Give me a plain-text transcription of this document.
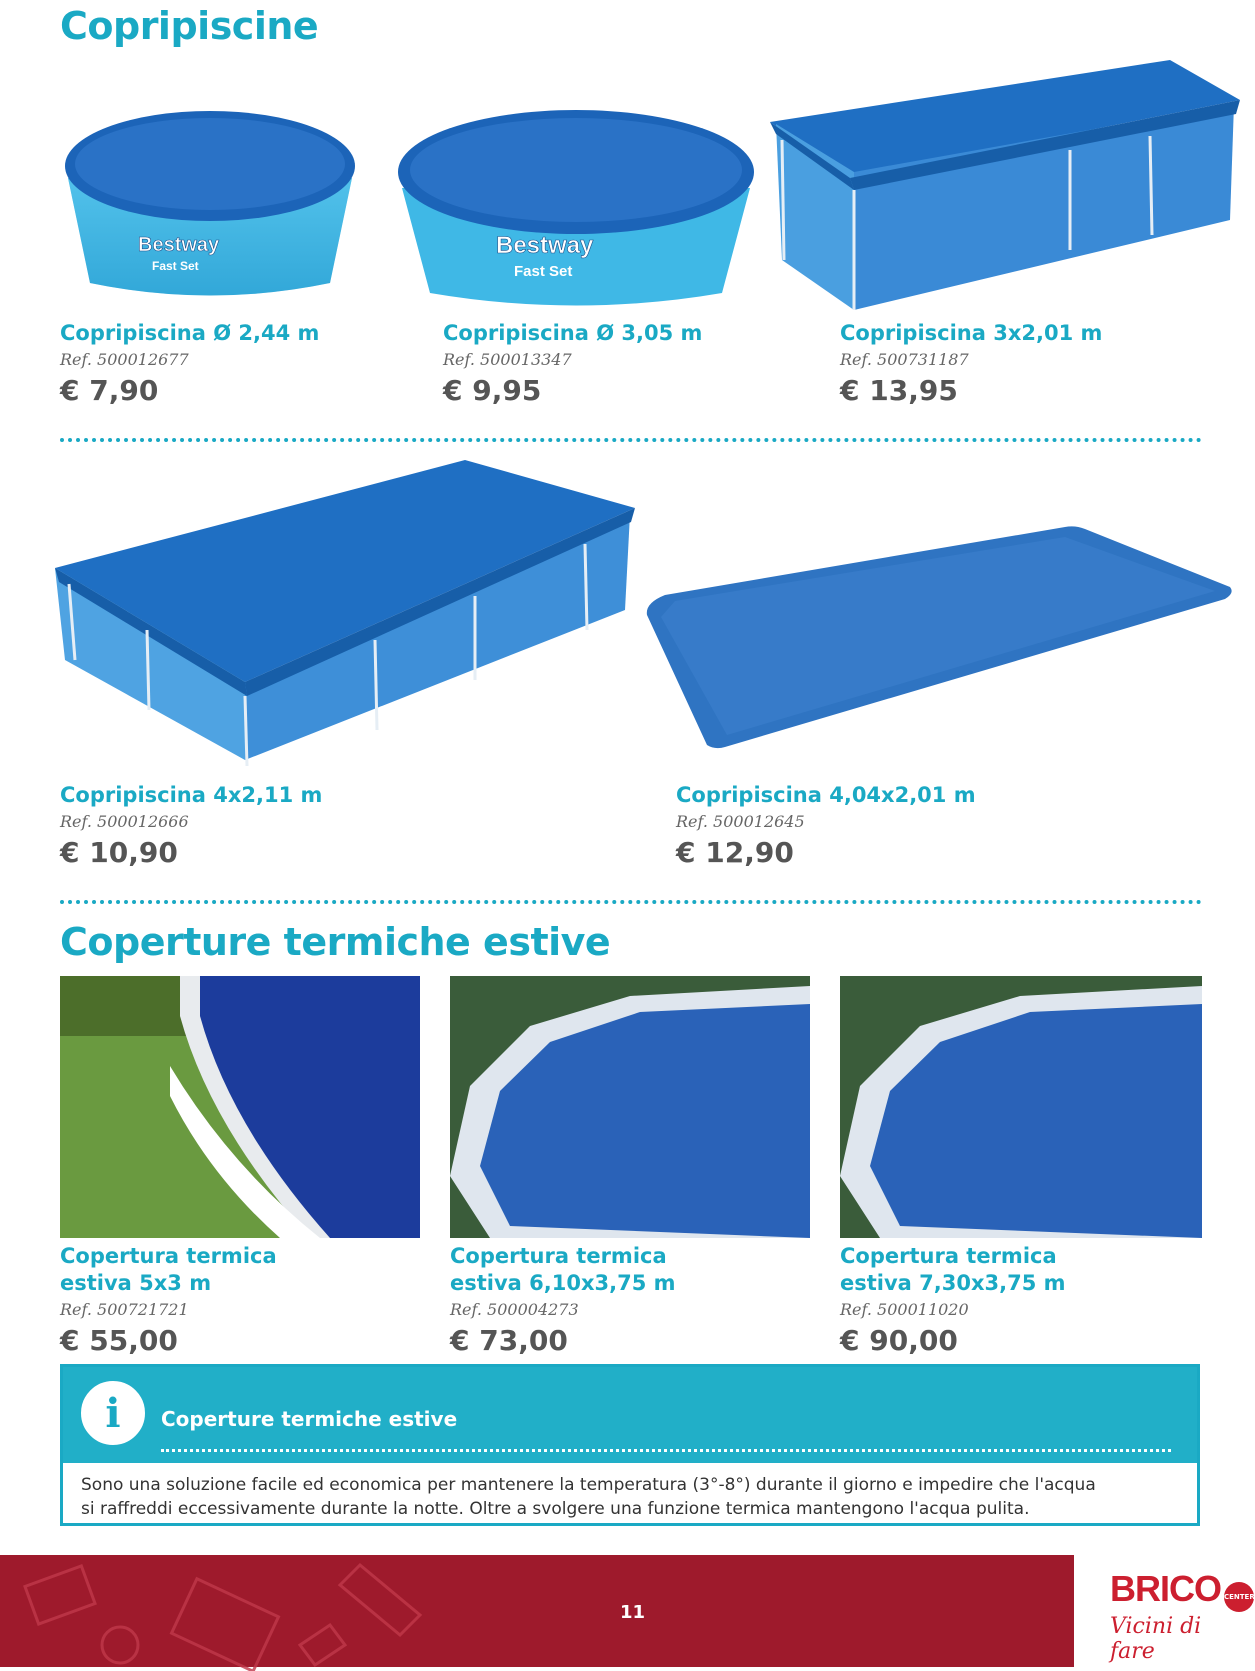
Copripiscine
Bestway
Fast Set
Bestway
Fast Set
Copripiscina Ø 2,44 m
Ref. 500012677
€ 7,90
Copripiscina Ø 3,05 m
Ref. 500013347
€ 9,95
Copripiscina 3x2,01 m
Ref. 500731187
€ 13,95
Copripiscina 4x2,11 m
Ref. 500012666
€ 10,90
Copripiscina 4,04x2,01 m
Ref. 500012645
€ 12,90
Coperture termiche estive
Copertura termica
estiva 5x3 m
Ref. 500721721
€ 55,00
Copertura termica
estiva 6,10x3,75 m
Ref. 500004273
€ 73,00
Copertura termica
estiva 7,30x3,75 m
Ref. 500011020
€ 90,00
i	Coperture termiche estive
Sono una soluzione facile ed economica per mantenere la temperatura (3°-8°) durante il giorno e impedire che l'acqua
si raffreddi eccessivamente durante la notte. Oltre a svolgere una funzione termica mantengono l'acqua pulita.
11
BRICO CENTER
Vicini di fare
